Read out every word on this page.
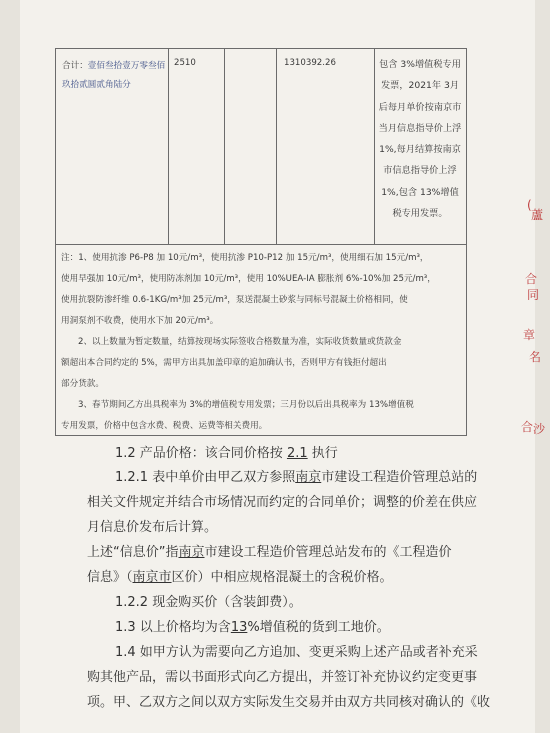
合计：壹佰叁拾壹万零叁佰玖拾贰圆贰角陆分
2510	1310392.26	包含 3%增值税专用发票，2021年 3月后每月单价按南京市当月信息指导价上浮 1%,每月结算按南京市信息指导价上浮 1%,包含 13%增值税专用发票。
注：1、使用抗渗 P6-P8 加 10元/m³，使用抗渗 P10-P12 加 15元/m³，使用细石加 15元/m³，
使用早强加 10元/m³，使用防冻剂加 10元/m³，使用 10%UEA-IA 膨胀剂 6%-10%加 25元/m³，
使用抗裂防渗纤维 0.6-1KG/m³加 25元/m³，泵送混凝土砂浆与同标号混凝土价格相同，使
用洞泵剂不收费，使用水下加 20元/m³。
2、以上数量为暂定数量，结算按现场实际签收合格数量为准，实际收货数量或货款金
额超出本合同约定的 5%，需甲方出具加盖印章的追加确认书，否则甲方有钱拒付超出
部分货款。
3、春节期间乙方出具税率为 3%的增值税专用发票；三月份以后出具税率为 13%增值税
专用发票，价格中包含水费、税费、运费等相关费用。
1.2 产品价格：该合同价格按 2.1 执行
1.2.1 表中单价由甲乙双方参照南京市建设工程造价管理总站的
相关文件规定并结合市场情况而约定的合同单价；调整的价差在供应
月信息价发布后计算。
上述“信息价”指南京市建设工程造价管理总站发布的《工程造价
信息》（南京市区价）中相应规格混凝土的含税价格。
1.2.2 现金购买价（含装卸费）。
1.3 以上价格均为含13%增值税的货到工地价。
1.4 如甲方认为需要向乙方追加、变更采购上述产品或者补充采
购其他产品，需以书面形式向乙方提出，并签订补充协议约定变更事
项。甲、乙双方之间以双方实际发生交易并由双方共同核对确认的《收
(
蘆
合
同
章
名
合 沙
